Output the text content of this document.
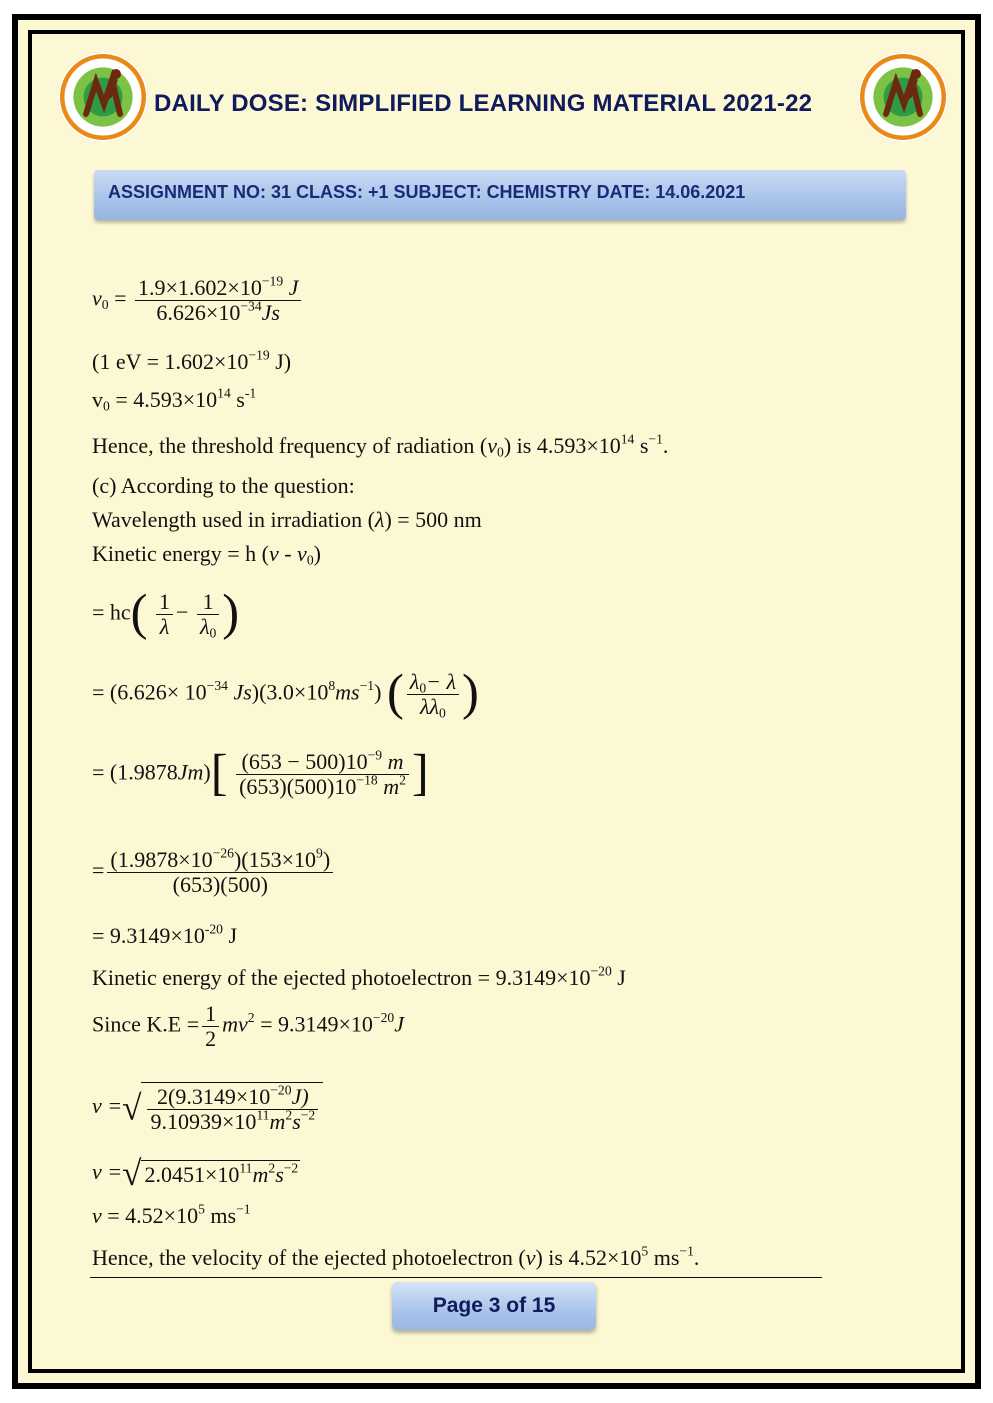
DAILY DOSE: SIMPLIFIED LEARNING MATERIAL 2021-22
ASSIGNMENT NO: 31 CLASS: +1 SUBJECT: CHEMISTRY DATE: 14.06.2021
$v_0 = \frac{1.9\times 1.602\times 10^{-19} J}{6.626\times 10^{-34}Js}$
(1 eV = $1.602\times 10^{-19}$ J)
$v_0 = 4.593\times 10^{14}$ $s^{-1}$
Hence, the threshold frequency of radiation $(v_0)$ is $4.593\times 10^{14}$ $s^{-1}$.
(c) According to the question:
Wavelength used in irradiation (λ) = 500 nm
Kinetic energy = h $(v - v_0)$
= $hc( \frac{1}{\lambda} - \frac{1}{\lambda_0}$ )
= ($6.626\times 10^{-34}$ $Js)(3.0\times 10^8ms^{-1})$ ( $\frac{\lambda_0- \lambda}{\lambda\lambda_0}$ )
= $(1.9878Jm)[ \frac{(653 - 500)10^{-9} m}{(653)(500)10^{-18} m^2}$ ]
= $\frac{(1.9878\times 10^{-26})(153\times 10^9)}{(653)(500)}$
= $9.3149\times 10^{-20}$ J
Kinetic energy of the ejected photoelectron = $9.3149\times 10^{-20}$ J
Since $K.E = \frac{1}{2} mv^2 = 9.3149\times 10^{-20}J$
v =√ $\frac{2(9.3149\times 10^{-20}J)}{9.10939\times 10^{11}m^2s^{-2}}$
v =√ $2.0451\times 10^{11}m^2s^{-2}$
$v = 4.52\times 10^5$ $ms^{-1}$
Hence, the velocity of the ejected photoelectron (v) is $4.52\times 10^5$ $ms^{-1}$.
Page 3 of 15
